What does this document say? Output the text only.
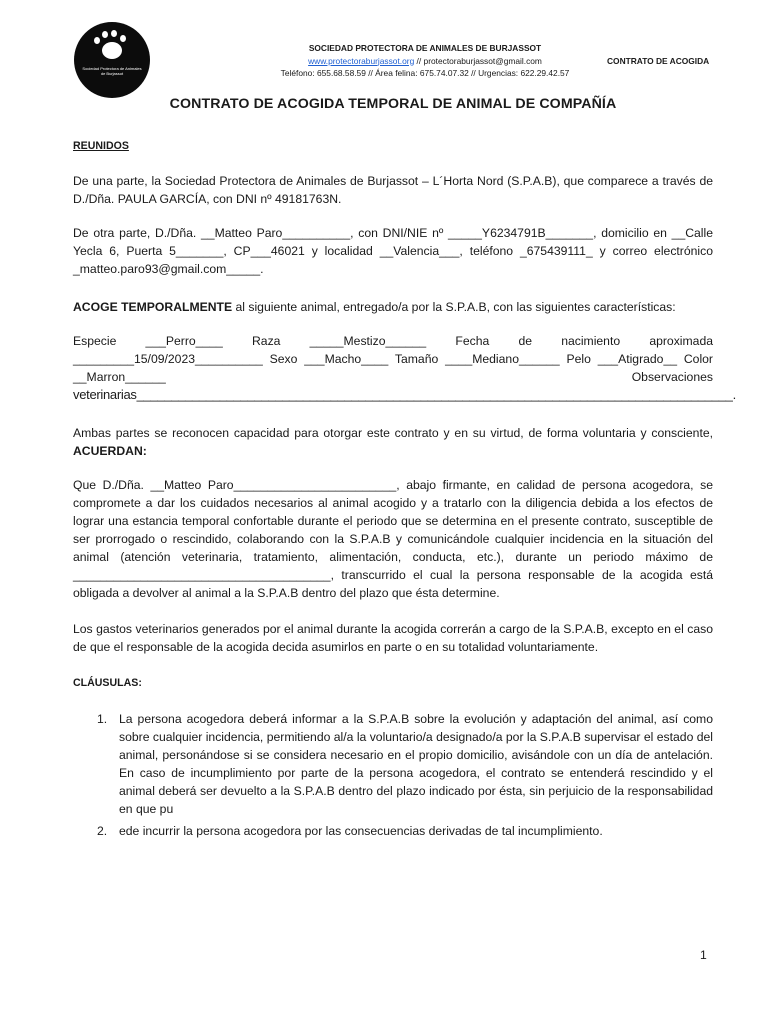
Sociedad Protectora de Animales de Burjassot
SOCIEDAD PROTECTORA DE ANIMALES DE BURJASSOT
www.protectoraburjassot.org // protectoraburjassot@gmail.com
Teléfono: 655.68.58.59 // Área felina: 675.74.07.32 // Urgencias: 622.29.42.57
CONTRATO DE ACOGIDA
CONTRATO DE ACOGIDA TEMPORAL DE ANIMAL DE COMPAÑÍA

REUNIDOS

De una parte, la Sociedad Protectora de Animales de Burjassot – L´Horta Nord (S.P.A.B), que comparece a través de D./Dña. PAULA GARCÍA, con DNI nº 49181763N.

De otra parte, D./Dña. __Matteo Paro__________, con DNI/NIE nº _____Y6234791B_______, domicilio en __Calle Yecla 6, Puerta 5_______, CP___46021 y localidad __Valencia___, teléfono _675439111_ y correo electrónico _matteo.paro93@gmail.com_____.

ACOGE TEMPORALMENTE al siguiente animal, entregado/a por la S.P.A.B, con las siguientes características:

Especie ___Perro____ Raza _____Mestizo______ Fecha de nacimiento aproximada
_________15/09/2023__________ Sexo ___Macho____ Tamaño ____Mediano______ Pelo ___Atigrado__ Color
__Marron______ Observaciones
veterinarias______________________________________________________________________________________.

Ambas partes se reconocen capacidad para otorgar este contrato y en su virtud, de forma voluntaria y consciente, ACUERDAN:

Que D./Dña. __Matteo Paro________________________, abajo firmante, en calidad de persona acogedora, se compromete a dar los cuidados necesarios al animal acogido y a tratarlo con la diligencia debida a los efectos de lograr una estancia temporal confortable durante el periodo que se determina en el presente contrato, susceptible de ser prorrogado o rescindido, colaborando con la S.P.A.B y comunicándole cualquier incidencia en la situación del animal (atención veterinaria, tratamiento, alimentación, conducta, etc.), durante un periodo máximo de ______________________________________, transcurrido el cual la persona responsable de la acogida está obligada a devolver al animal a la S.P.A.B dentro del plazo que ésta determine.

Los gastos veterinarios generados por el animal durante la acogida correrán a cargo de la S.P.A.B, excepto en el caso de que el responsable de la acogida decida asumirlos en parte o en su totalidad voluntariamente.

CLÁUSULAS:

1. La persona acogedora deberá informar a la S.P.A.B sobre la evolución y adaptación del animal, así como sobre cualquier incidencia, permitiendo al/a la voluntario/a designado/a por la S.P.A.B supervisar el estado del animal, personándose si se considera necesario en el propio domicilio, avisándole con un día de antelación. En caso de incumplimiento por parte de la persona acogedora, el contrato se entenderá rescindido y el animal deberá ser devuelto a la S.P.A.B dentro del plazo indicado por ésta, sin perjuicio de la responsabilidad en que pu
2. ede incurrir la persona acogedora por las consecuencias derivadas de tal incumplimiento.
1
